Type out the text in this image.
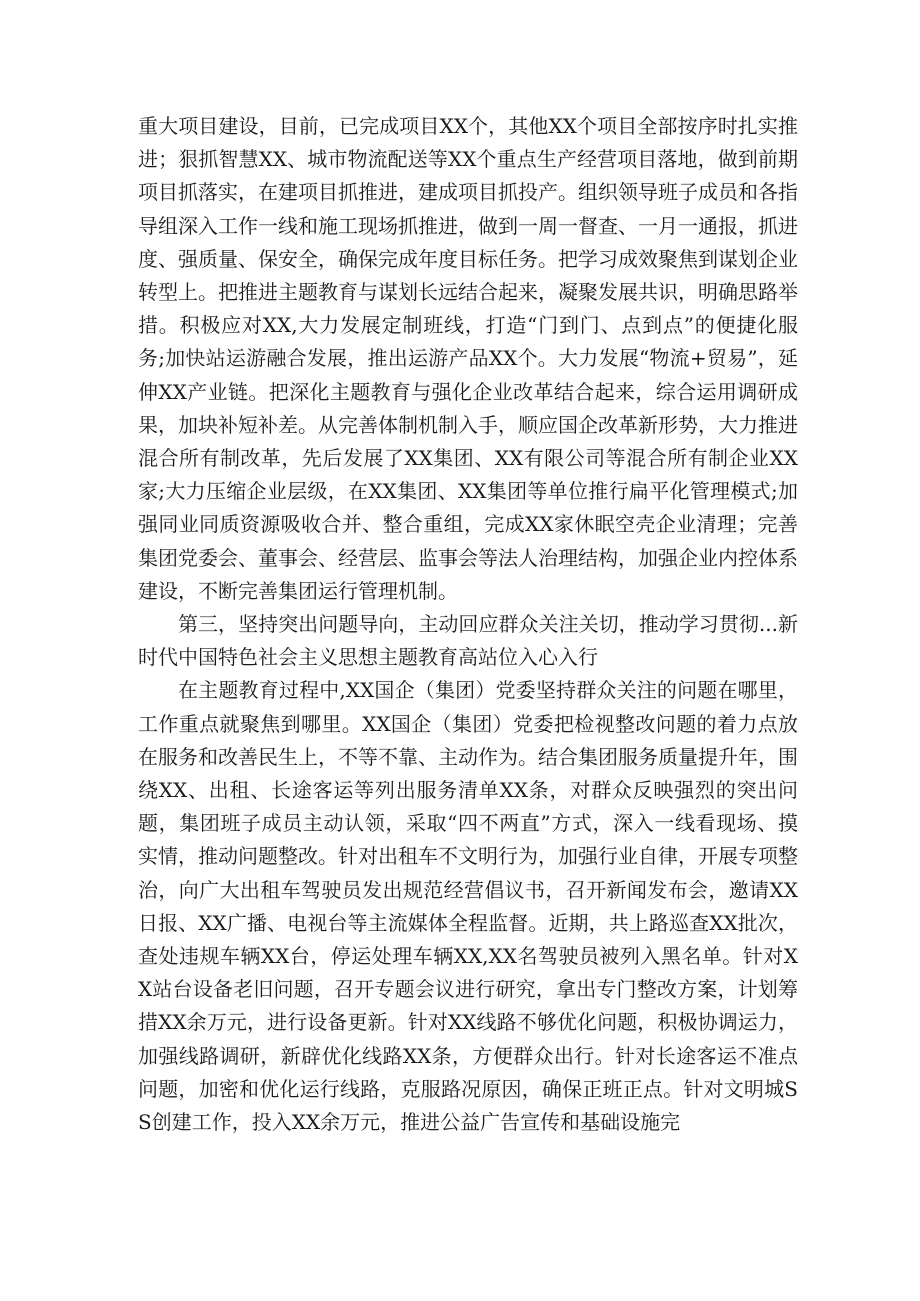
重大项目建设，目前，已完成项目XX个，其他XX个项目全部按序时扎实推进；狠抓智慧XX、城市物流配送等XX个重点生产经营项目落地，做到前期项目抓落实，在建项目抓推进，建成项目抓投产。组织领导班子成员和各指导组深入工作一线和施工现场抓推进，做到一周一督查、一月一通报，抓进度、强质量、保安全，确保完成年度目标任务。把学习成效聚焦到谋划企业转型上。把推进主题教育与谋划长远结合起来，凝聚发展共识，明确思路举措。积极应对XX,大力发展定制班线，打造“门到门、点到点”的便捷化服务;加快站运游融合发展，推出运游产品XX个。大力发展“物流+贸易”，延伸XX产业链。把深化主题教育与强化企业改革结合起来，综合运用调研成果，加块补短补差。从完善体制机制入手，顺应国企改革新形势，大力推进混合所有制改革，先后发展了XX集团、XX有限公司等混合所有制企业XX家;大力压缩企业层级，在XX集团、XX集团等单位推行扁平化管理模式;加强同业同质资源吸收合并、整合重组，完成XX家休眠空壳企业清理；完善集团党委会、董事会、经营层、监事会等法人治理结构，加强企业内控体系建设，不断完善集团运行管理机制。

第三，坚持突出问题导向，主动回应群众关注关切，推动学习贯彻...新时代中国特色社会主义思想主题教育高站位入心入行

在主题教育过程中,XX国企（集团）党委坚持群众关注的问题在哪里，工作重点就聚焦到哪里。XX国企（集团）党委把检视整改问题的着力点放在服务和改善民生上，不等不靠、主动作为。结合集团服务质量提升年，围绕XX、出租、长途客运等列出服务清单XX条，对群众反映强烈的突出问题，集团班子成员主动认领，采取“四不两直”方式，深入一线看现场、摸实情，推动问题整改。针对出租车不文明行为，加强行业自律，开展专项整治，向广大出租车驾驶员发出规范经营倡议书，召开新闻发布会，邀请XX日报、XX广播、电视台等主流媒体全程监督。近期，共上路巡查XX批次，查处违规车辆XX台，停运处理车辆XX,XX名驾驶员被列入黑名单。针对XX站台设备老旧问题，召开专题会议进行研究，拿出专门整改方案，计划筹措XX余万元，进行设备更新。针对XX线路不够优化问题，积极协调运力，加强线路调研，新辟优化线路XX条，方便群众出行。针对长途客运不准点问题，加密和优化运行线路，克服路况原因，确保正班正点。针对文明城SS创建工作，投入XX余万元，推进公益广告宣传和基础设施完
